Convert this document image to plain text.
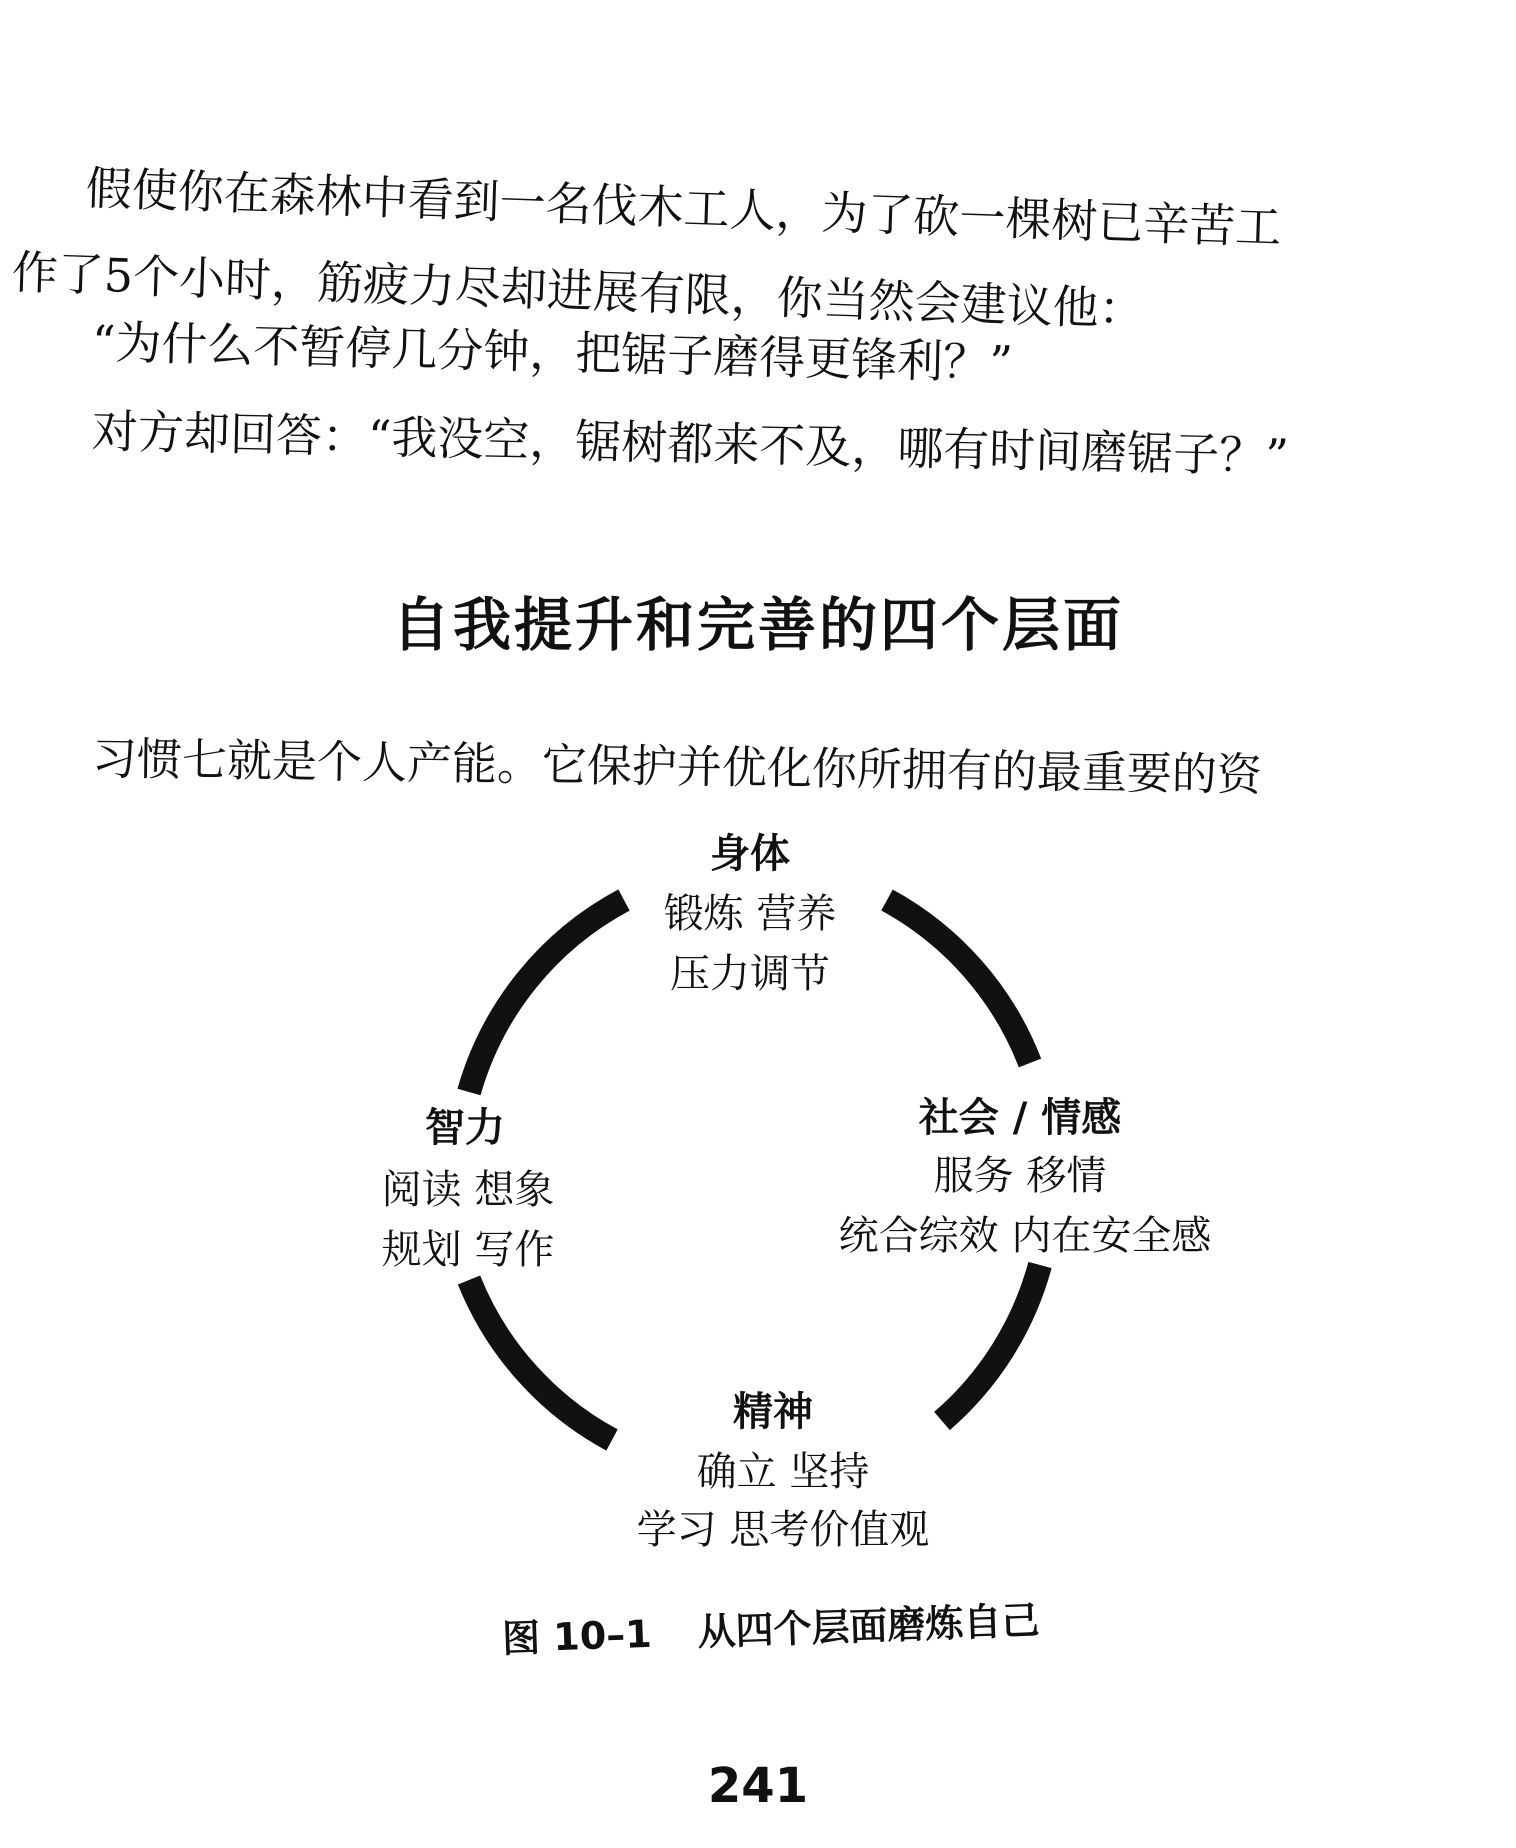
假使你在森林中看到一名伐木工人，为了砍一棵树已辛苦工
作了5个小时，筋疲力尽却进展有限，你当然会建议他：
“为什么不暂停几分钟，把锯子磨得更锋利？”
对方却回答：“我没空，锯树都来不及，哪有时间磨锯子？”
自我提升和完善的四个层面
习惯七就是个人产能。它保护并优化你所拥有的最重要的资
身体
锻炼 营养
压力调节
智力
阅读 想象
规划 写作
社会 / 情感
服务 移情
统合综效 内在安全感
精神
确立 坚持
学习 思考价值观
图 10–1 从四个层面磨炼自己
241
